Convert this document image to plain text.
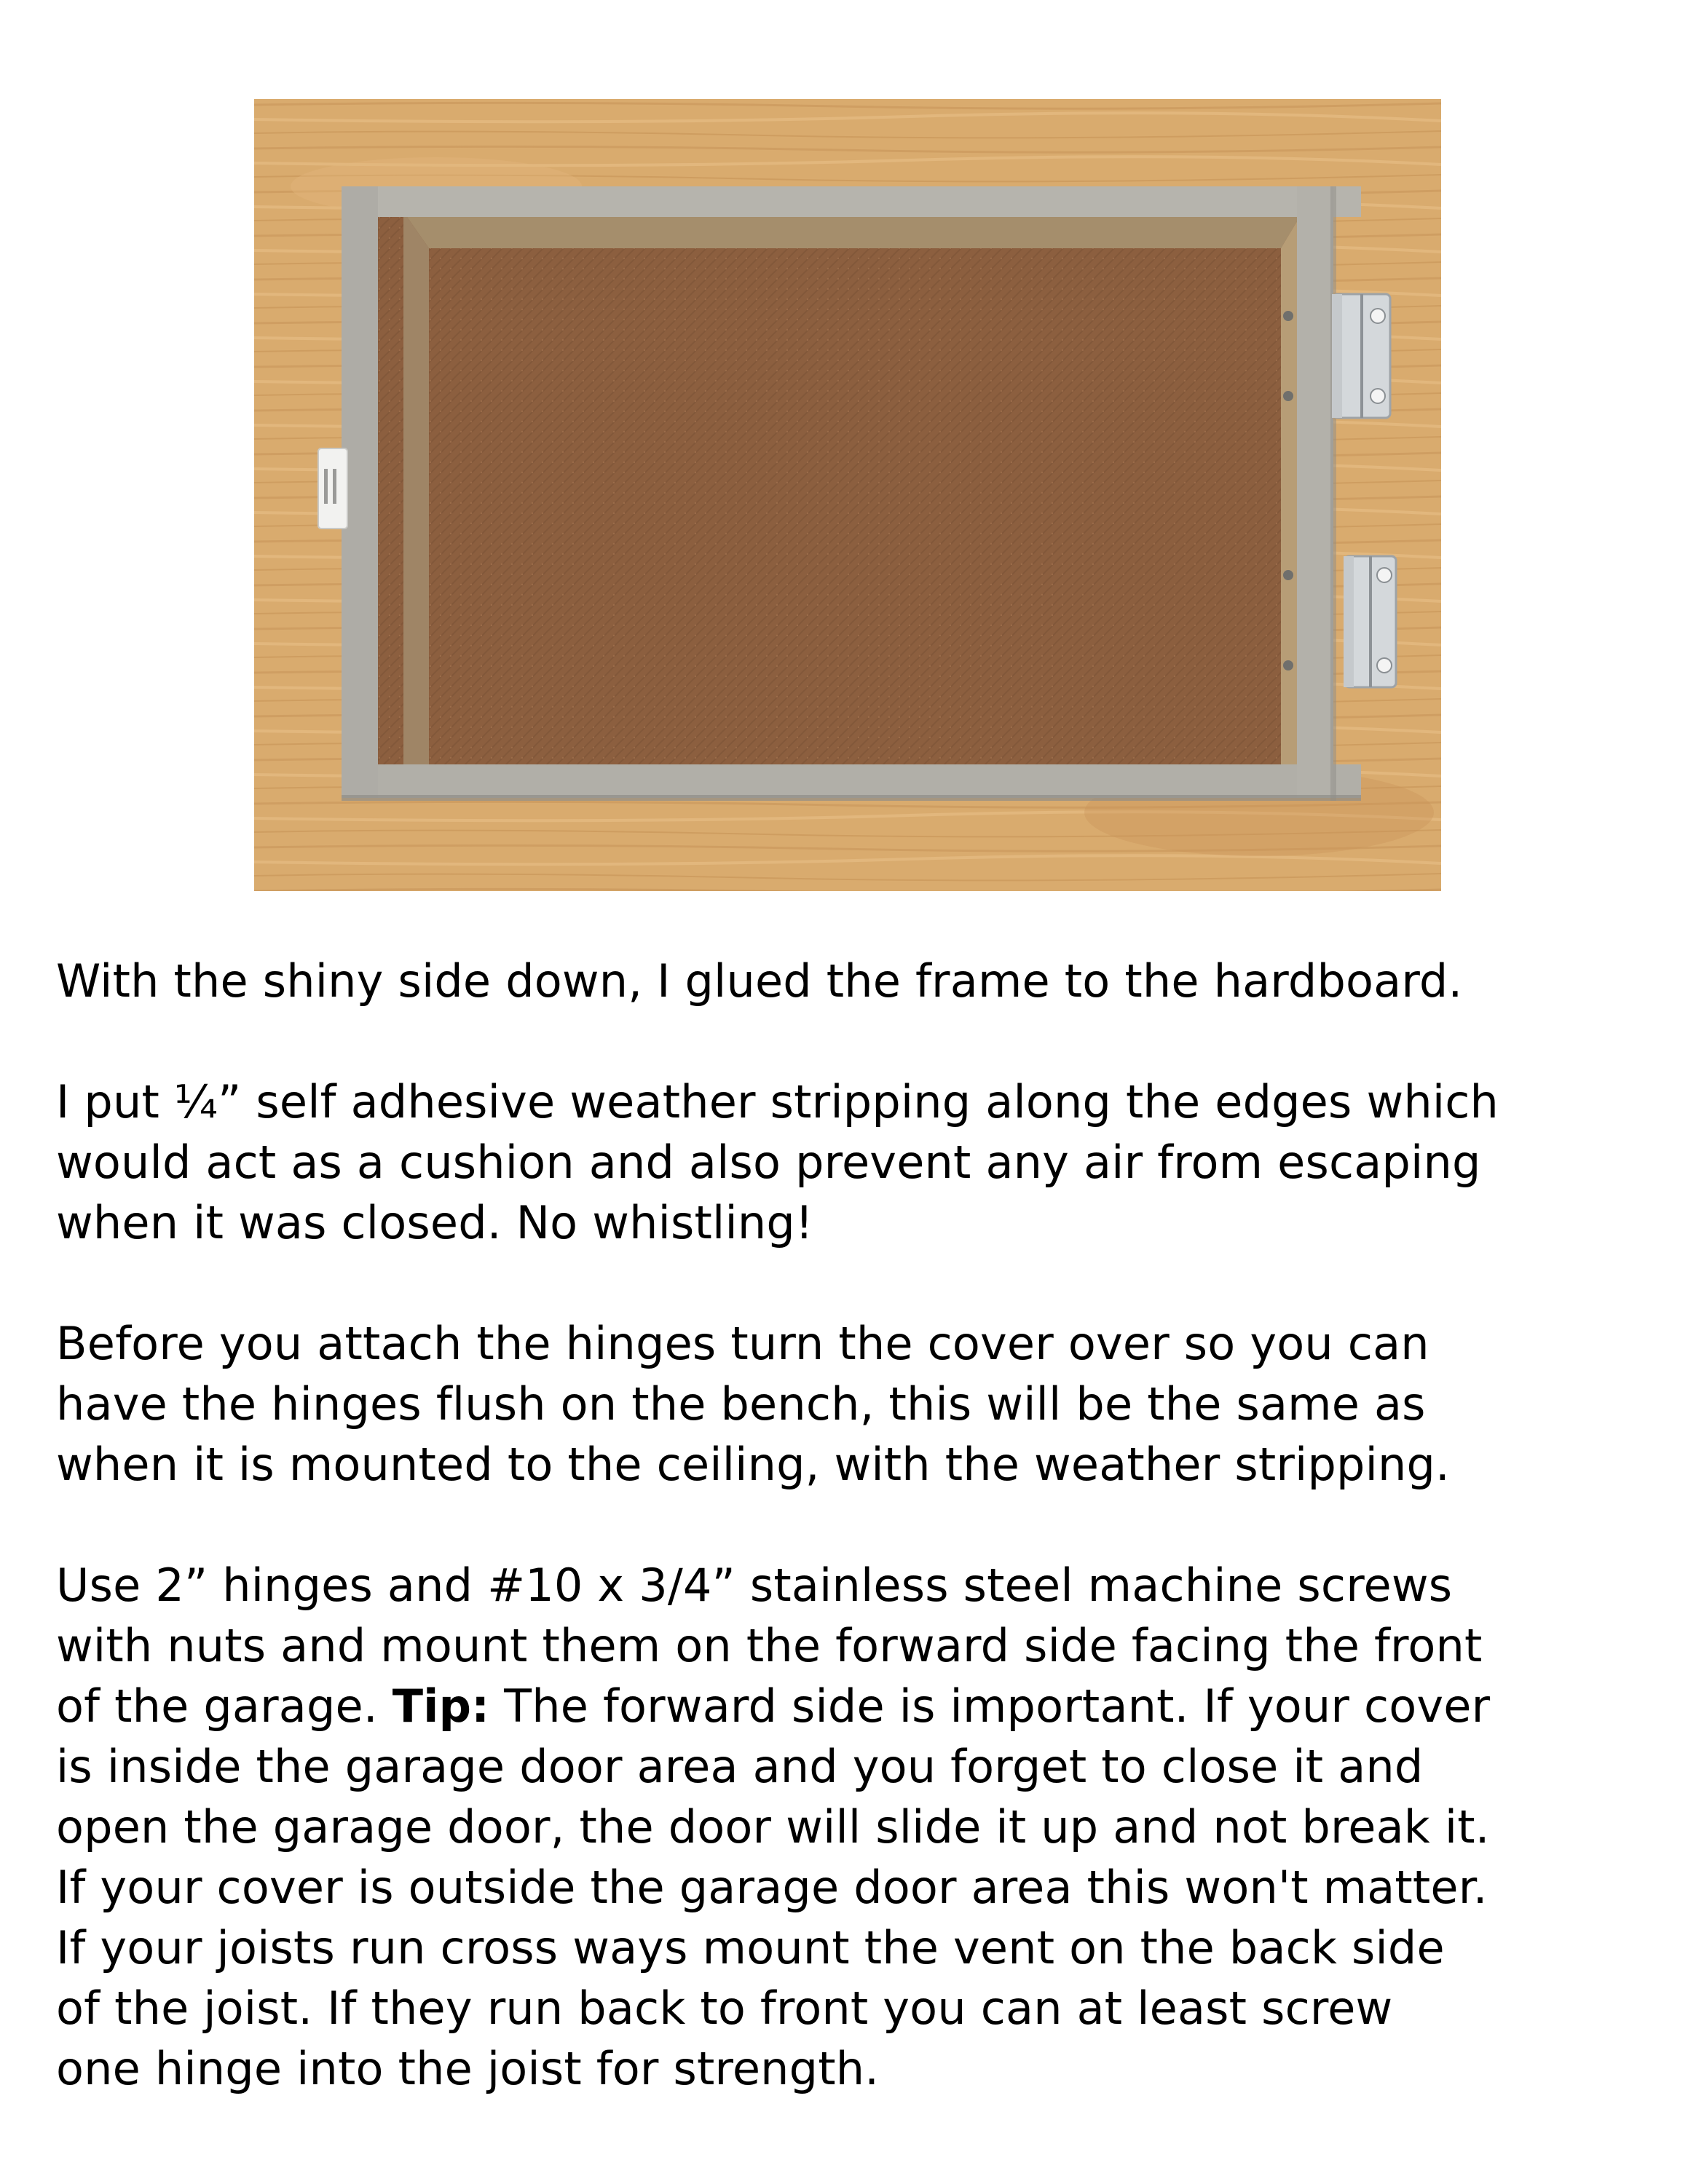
With the shiny side down, I glued the frame to the hardboard.

I put ¼” self adhesive weather stripping along the edges which
would act as a cushion and also prevent any air from escaping
when it was closed. No whistling!

Before you attach the hinges turn the cover over so you can
have the hinges flush on the bench, this will be the same as
when it is mounted to the ceiling, with the weather stripping.

Use 2” hinges and #10 x 3/4” stainless steel machine screws
with nuts and mount them on the forward side facing the front
of the garage. Tip: The forward side is important. If your cover
is inside the garage door area and you forget to close it and
open the garage door, the door will slide it up and not break it.
If your cover is outside the garage door area this won't matter.
If your joists run cross ways mount the vent on the back side
of the joist. If they run back to front you can at least screw
one hinge into the joist for strength.
